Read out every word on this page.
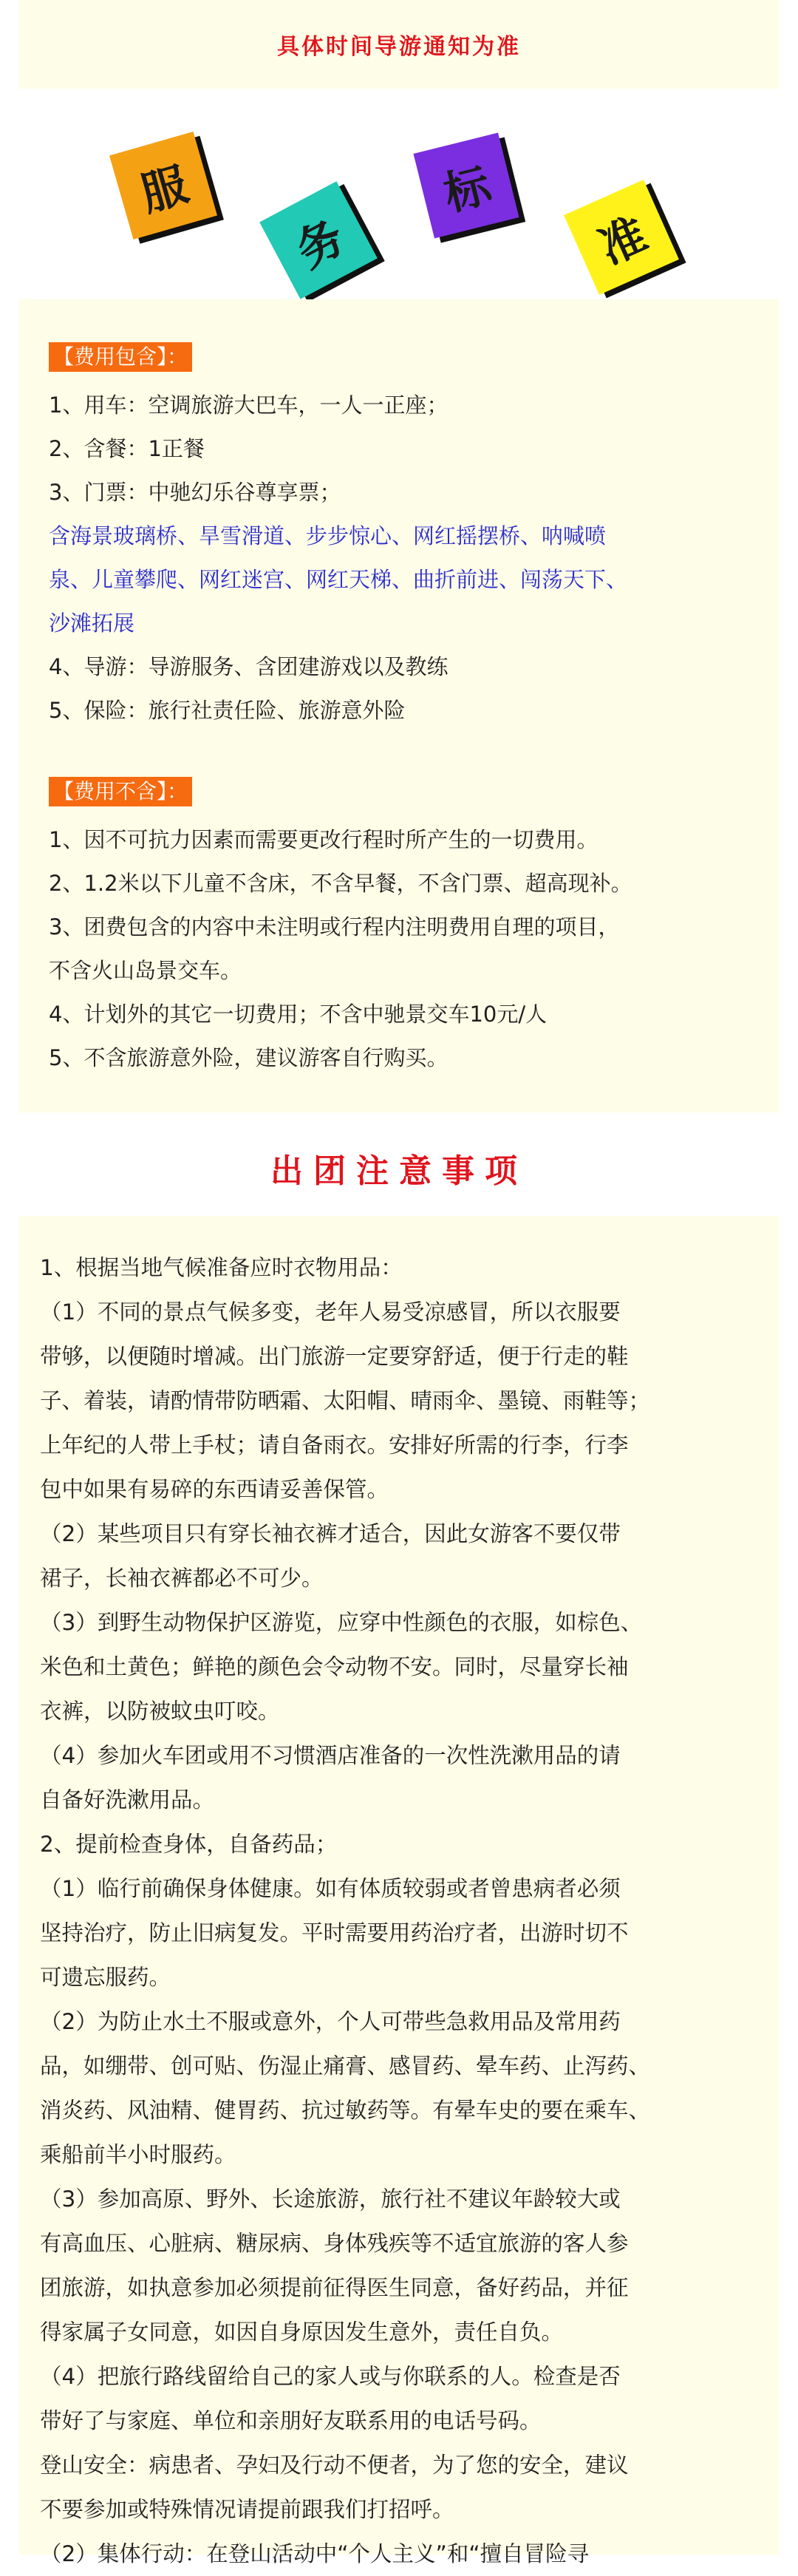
具体时间导游通知为准
服
务
标
准
【费用包含】：
1、用车：空调旅游大巴车，一人一正座；
2、含餐：1正餐
3、门票：中驰幻乐谷尊享票；
含海景玻璃桥、旱雪滑道、步步惊心、网红摇摆桥、呐喊喷
泉、儿童攀爬、网红迷宫、网红天梯、曲折前进、闯荡天下、
沙滩拓展
4、导游：导游服务、含团建游戏以及教练
5、保险：旅行社责任险、旅游意外险
【费用不含】：
1、因不可抗力因素而需要更改行程时所产生的一切费用。
2、1.2米以下儿童不含床，不含早餐，不含门票、超高现补。
3、团费包含的内容中未注明或行程内注明费用自理的项目，
不含火山岛景交车。
4、计划外的其它一切费用；不含中驰景交车10元/人
5、不含旅游意外险，建议游客自行购买。
出团注意事项
1、根据当地气候准备应时衣物用品：
（1）不同的景点气候多变，老年人易受凉感冒，所以衣服要
带够，以便随时增减。出门旅游一定要穿舒适，便于行走的鞋
子、着装，请酌情带防晒霜、太阳帽、晴雨伞、墨镜、雨鞋等；
上年纪的人带上手杖；请自备雨衣。安排好所需的行李，行李
包中如果有易碎的东西请妥善保管。
（2）某些项目只有穿长袖衣裤才适合，因此女游客不要仅带
裙子，长袖衣裤都必不可少。
（3）到野生动物保护区游览，应穿中性颜色的衣服，如棕色、
米色和土黄色；鲜艳的颜色会令动物不安。同时，尽量穿长袖
衣裤，以防被蚊虫叮咬。
（4）参加火车团或用不习惯酒店准备的一次性洗漱用品的请
自备好洗漱用品。
2、提前检查身体，自备药品；
（1）临行前确保身体健康。如有体质较弱或者曾患病者必须
坚持治疗，防止旧病复发。平时需要用药治疗者，出游时切不
可遗忘服药。
（2）为防止水土不服或意外，个人可带些急救用品及常用药
品，如绷带、创可贴、伤湿止痛膏、感冒药、晕车药、止泻药、
消炎药、风油精、健胃药、抗过敏药等。有晕车史的要在乘车、
乘船前半小时服药。
（3）参加高原、野外、长途旅游，旅行社不建议年龄较大或
有高血压、心脏病、糖尿病、身体残疾等不适宜旅游的客人参
团旅游，如执意参加必须提前征得医生同意，备好药品，并征
得家属子女同意，如因自身原因发生意外，责任自负。
（4）把旅行路线留给自己的家人或与你联系的人。检查是否
带好了与家庭、单位和亲朋好友联系用的电话号码。
登山安全：病患者、孕妇及行动不便者，为了您的安全，建议
不要参加或特殊情况请提前跟我们打招呼。
（2）集体行动：在登山活动中“个人主义”和“擅自冒险寻
